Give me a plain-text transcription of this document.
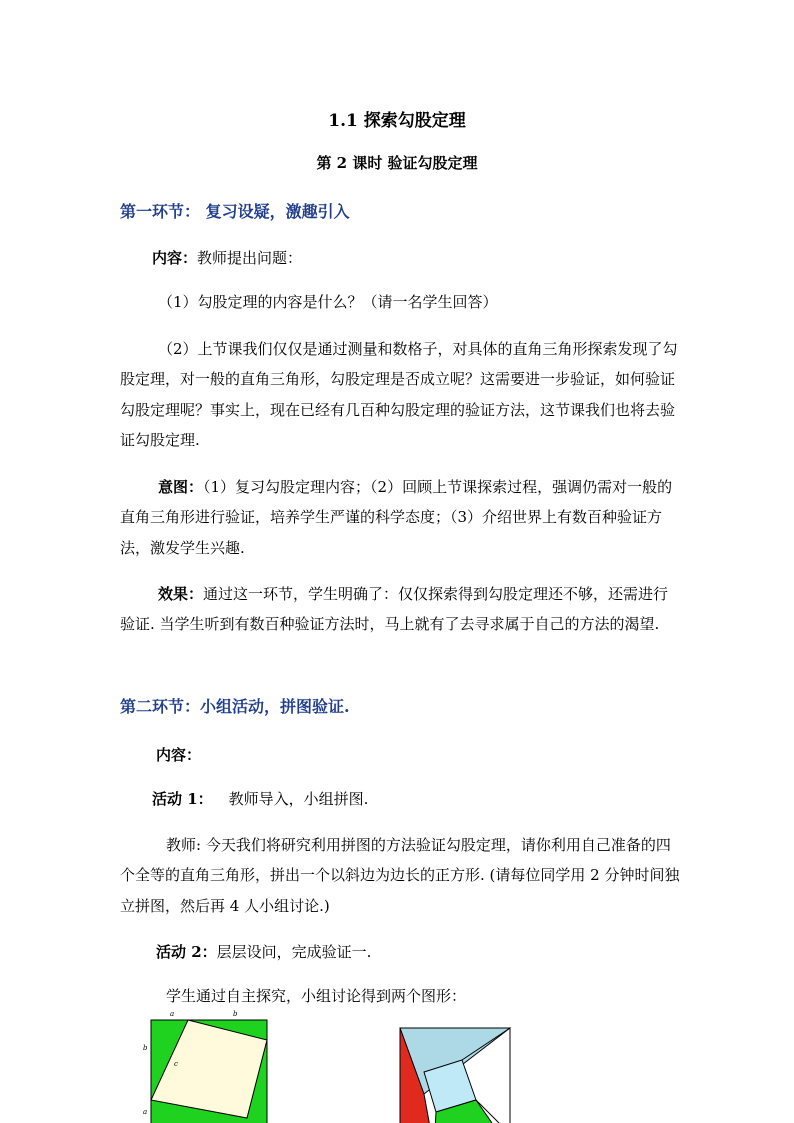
1.1 探索勾股定理
第 2 课时 验证勾股定理
第一环节： 复习设疑，激趣引入
内容：教师提出问题：
（1）勾股定理的内容是什么？（请一名学生回答）

（2）上节课我们仅仅是通过测量和数格子，对具体的直角三角形探索发现了勾股定理，对一般的直角三角形，勾股定理是否成立呢？这需要进一步验证，如何验证勾股定理呢？事实上，现在已经有几百种勾股定理的验证方法，这节课我们也将去验证勾股定理.

意图：（1）复习勾股定理内容；（2）回顾上节课探索过程，强调仍需对一般的直角三角形进行验证，培养学生严谨的科学态度；（3）介绍世界上有数百种验证方法，激发学生兴趣.

效果：通过这一环节，学生明确了：仅仅探索得到勾股定理还不够，还需进行验证. 当学生听到有数百种验证方法时，马上就有了去寻求属于自己的方法的渴望.

第二环节：小组活动，拼图验证.
内容：
活动 1： 教师导入，小组拼图.

教师: 今天我们将研究利用拼图的方法验证勾股定理，请你利用自己准备的四个全等的直角三角形，拼出一个以斜边为边长的正方形. (请每位同学用 2 分钟时间独立拼图，然后再 4 人小组讨论.)

活动 2：层层设问，完成验证一.
学生通过自主探究，小组讨论得到两个图形：
a	b
b
c
a
